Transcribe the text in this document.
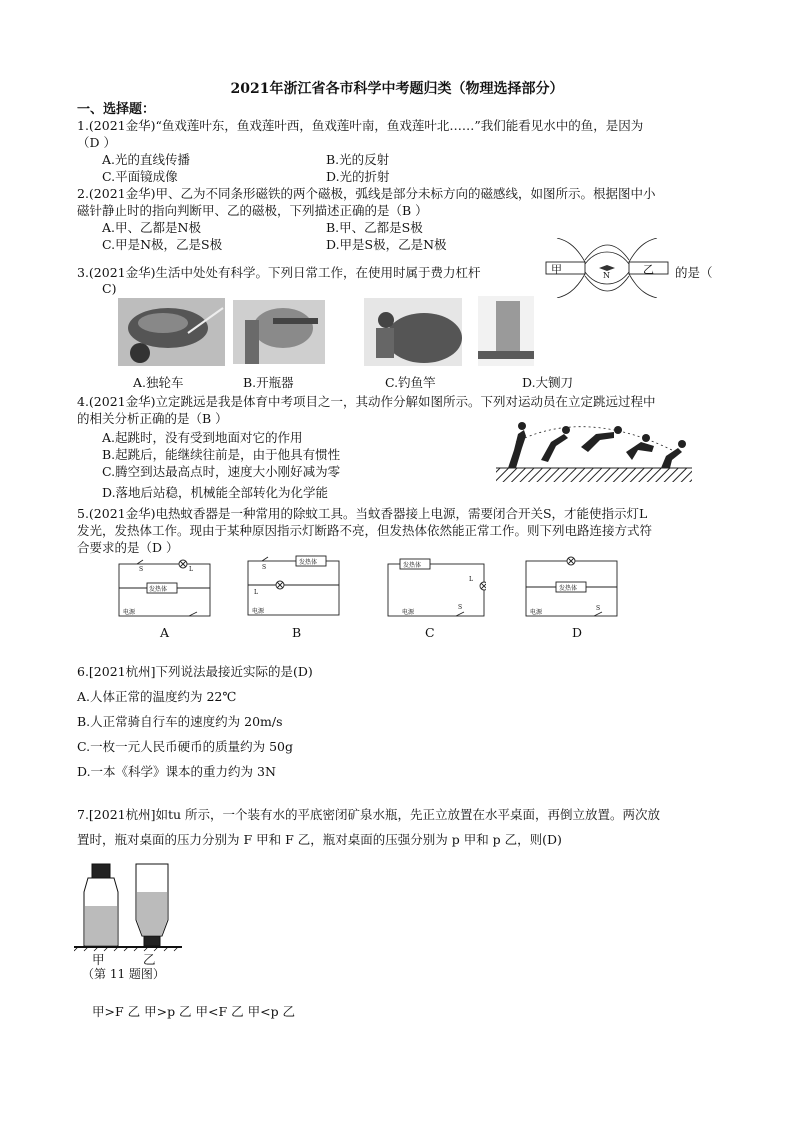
2021年浙江省各市科学中考题归类（物理选择部分）
一、选择题：
1.(2021金华)“鱼戏莲叶东，鱼戏莲叶西，鱼戏莲叶南，鱼戏莲叶北……”我们能看见水中的鱼，是因为
（D ）
A.光的直线传播	B.光的反射
C.平面镜成像	D.光的折射
2.(2021金华)甲、乙为不同条形磁铁的两个磁极，弧线是部分未标方向的磁感线，如图所示。根据图中小
磁针静止时的指向判断甲、乙的磁极，下列描述正确的是（B ）
A.甲、乙都是N极	B.甲、乙都是S极
C.甲是N极，乙是S极	D.甲是S极，乙是N极
甲	乙
N
3.(2021金华)生活中处处有科学。下列日常工作，在使用时属于费力杠杆	的是（
C)
A.独轮车	B.开瓶器	C.钓鱼竿	D.大铡刀
4.(2021金华)立定跳远是我是体育中考项目之一，其动作分解如图所示。下列对运动员在立定跳远过程中
的相关分析正确的是（B ）
A.起跳时，没有受到地面对它的作用
B.起跳后，能继续往前是，由于他具有惯性
C.腾空到达最高点时，速度大小刚好减为零
D.落地后站稳，机械能全部转化为化学能
5.(2021金华)电热蚊香器是一种常用的除蚊工具。当蚊香器接上电源，需要闭合开关S，才能使指示灯L
发光，发热体工作。现由于某种原因指示灯断路不亮，但发热体依然能正常工作。则下列电路连接方式符
合要求的是（D ）
S	L
发热体
电源
S
发热体
L
电源
发热体
L
电源
S
发热体
电源
S
A	B	C	D
6.[2021杭州]下列说法最接近实际的是(D)
A.人体正常的温度约为 22℃
B.人正常骑自行车的速度约为 20m/s
C.一枚一元人民币硬币的质量约为 50g
D.一本《科学》课本的重力约为 3N
7.[2021杭州]如tu 所示，一个装有水的平底密闭矿泉水瓶，先正立放置在水平桌面，再倒立放置。两次放
置时，瓶对桌面的压力分别为 F 甲和 F 乙，瓶对桌面的压强分别为 p 甲和 p 乙，则(D)
甲	乙
（第 11 题图）
甲>F 乙 甲>p 乙 甲<F 乙 甲<p 乙
